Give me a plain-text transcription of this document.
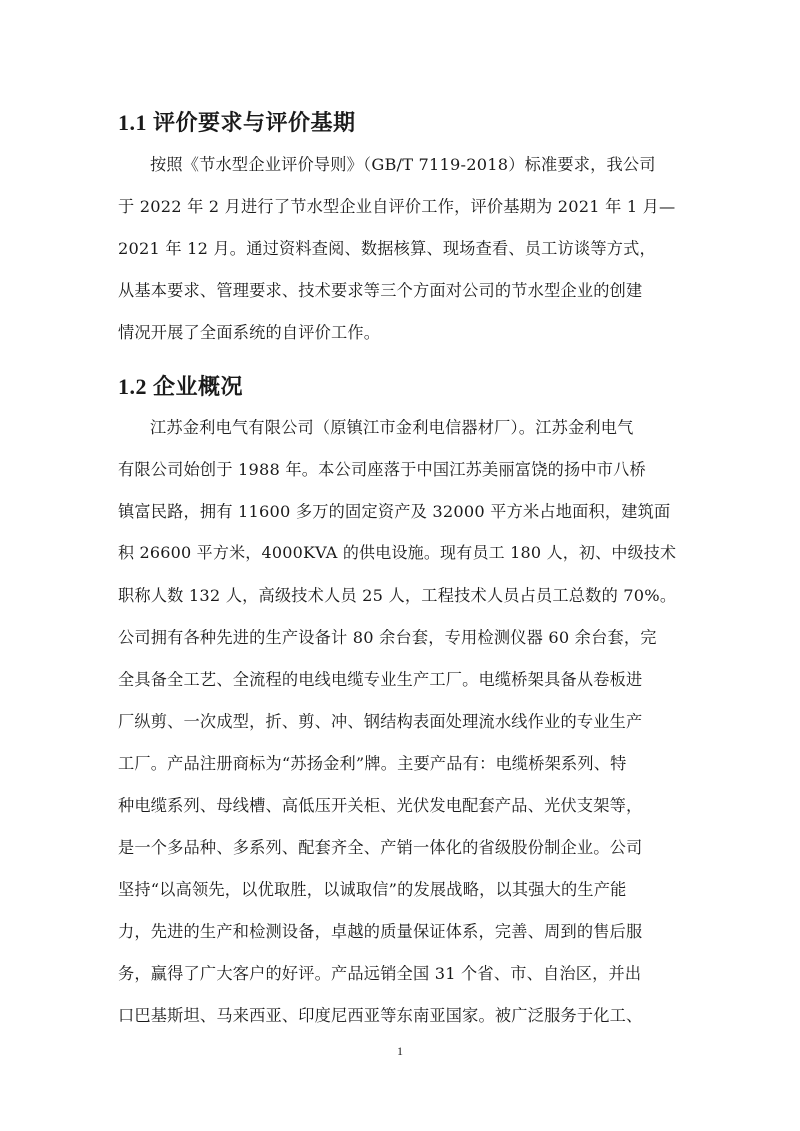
1.1 评价要求与评价基期
按照《节水型企业评价导则》（GB/T 7119-2018）标准要求，我公司
于 2022 年 2 月进行了节水型企业自评价工作，评价基期为 2021 年 1 月—
2021 年 12 月。通过资料查阅、数据核算、现场查看、员工访谈等方式，
从基本要求、管理要求、技术要求等三个方面对公司的节水型企业的创建
情况开展了全面系统的自评价工作。
1.2 企业概况
江苏金利电气有限公司（原镇江市金利电信器材厂）。江苏金利电气
有限公司始创于 1988 年。本公司座落于中国江苏美丽富饶的扬中市八桥
镇富民路，拥有 11600 多万的固定资产及 32000 平方米占地面积，建筑面
积 26600 平方米，4000KVA 的供电设施。现有员工 180 人，初、中级技术
职称人数 132 人，高级技术人员 25 人，工程技术人员占员工总数的 70%。
公司拥有各种先进的生产设备计 80 余台套，专用检测仪器 60 余台套，完
全具备全工艺、全流程的电线电缆专业生产工厂。电缆桥架具备从卷板进
厂纵剪、一次成型，折、剪、冲、钢结构表面处理流水线作业的专业生产
工厂。产品注册商标为“苏扬金利”牌。主要产品有：电缆桥架系列、特
种电缆系列、母线槽、高低压开关柜、光伏发电配套产品、光伏支架等，
是一个多品种、多系列、配套齐全、产销一体化的省级股份制企业。公司
坚持“以高领先，以优取胜，以诚取信”的发展战略，以其强大的生产能
力，先进的生产和检测设备，卓越的质量保证体系，完善、周到的售后服
务，赢得了广大客户的好评。产品远销全国 31 个省、市、自治区，并出
口巴基斯坦、马来西亚、印度尼西亚等东南亚国家。被广泛服务于化工、
1
